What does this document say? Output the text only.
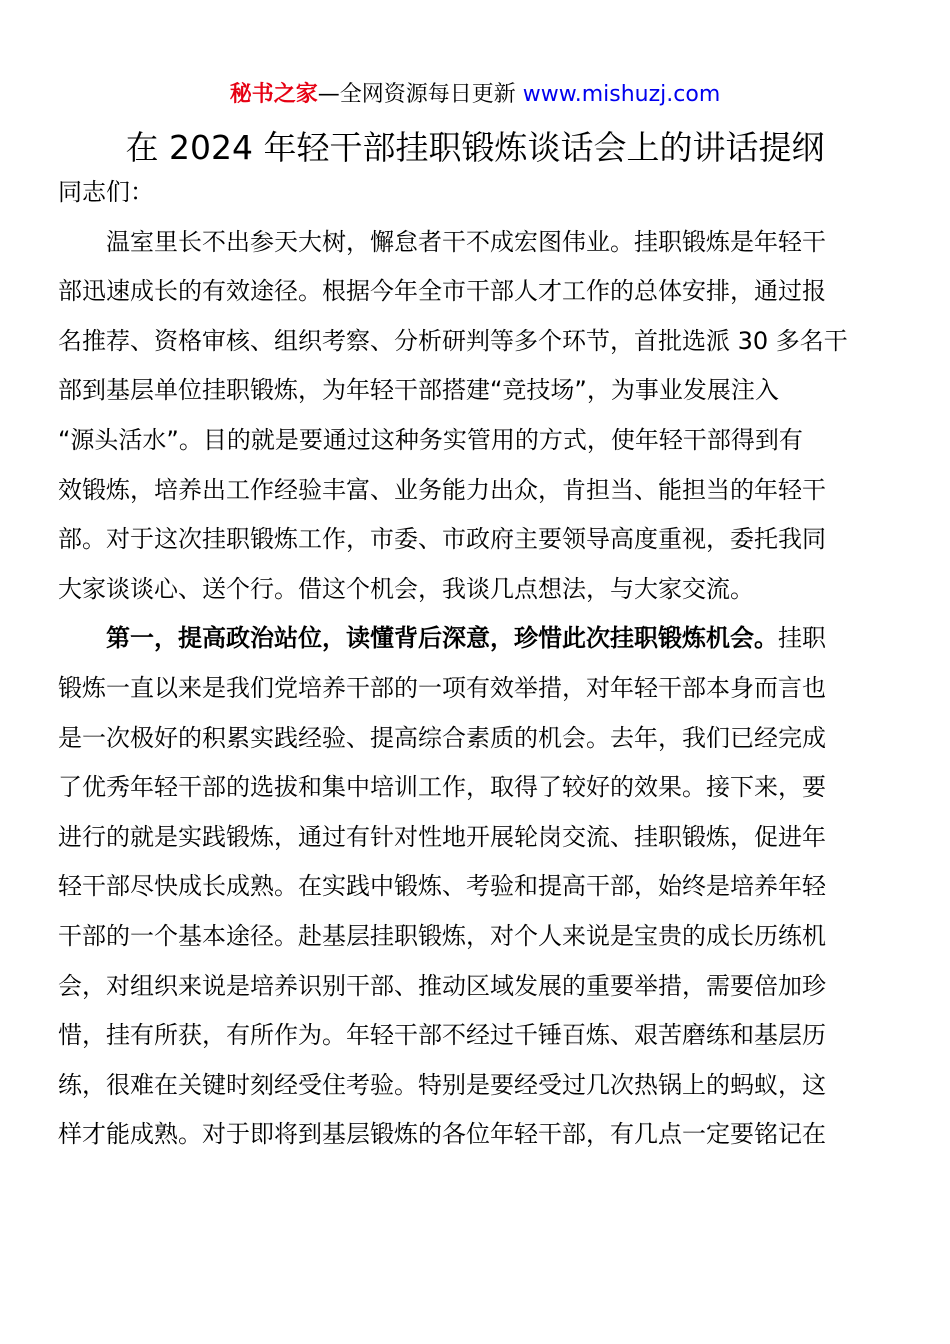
秘书之家—全网资源每日更新 www.mishuzj.com
在 2024 年轻干部挂职锻炼谈话会上的讲话提纲
同志们：
温室里长不出参天大树，懈怠者干不成宏图伟业。挂职锻炼是年轻干
部迅速成长的有效途径。根据今年全市干部人才工作的总体安排，通过报
名推荐、资格审核、组织考察、分析研判等多个环节，首批选派 30 多名干
部到基层单位挂职锻炼，为年轻干部搭建“竞技场”，为事业发展注入
“源头活水”。目的就是要通过这种务实管用的方式，使年轻干部得到有
效锻炼，培养出工作经验丰富、业务能力出众，肯担当、能担当的年轻干
部。对于这次挂职锻炼工作，市委、市政府主要领导高度重视，委托我同
大家谈谈心、送个行。借这个机会，我谈几点想法，与大家交流。
第一，提高政治站位，读懂背后深意，珍惜此次挂职锻炼机会。挂职
锻炼一直以来是我们党培养干部的一项有效举措，对年轻干部本身而言也
是一次极好的积累实践经验、提高综合素质的机会。去年，我们已经完成
了优秀年轻干部的选拔和集中培训工作，取得了较好的效果。接下来，要
进行的就是实践锻炼，通过有针对性地开展轮岗交流、挂职锻炼，促进年
轻干部尽快成长成熟。在实践中锻炼、考验和提高干部，始终是培养年轻
干部的一个基本途径。赴基层挂职锻炼，对个人来说是宝贵的成长历练机
会，对组织来说是培养识别干部、推动区域发展的重要举措，需要倍加珍
惜，挂有所获，有所作为。年轻干部不经过千锤百炼、艰苦磨练和基层历
练，很难在关键时刻经受住考验。特别是要经受过几次热锅上的蚂蚁，这
样才能成熟。对于即将到基层锻炼的各位年轻干部，有几点一定要铭记在
